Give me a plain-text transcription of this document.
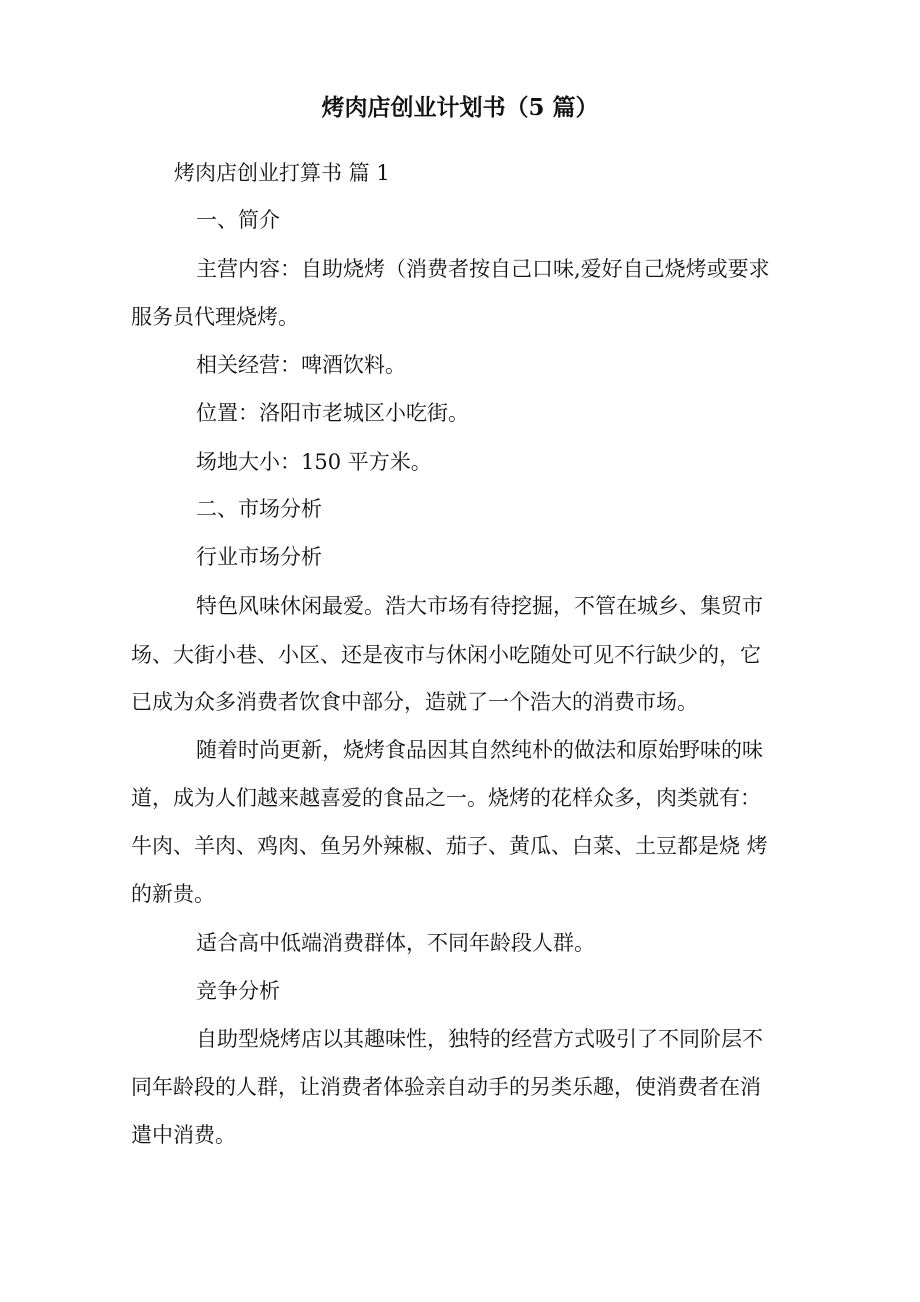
烤肉店创业计划书（5 篇）
烤肉店创业打算书 篇 1
一、简介
主营内容：自助烧烤（消费者按自己口味,爱好自己烧烤或要求
服务员代理烧烤。
相关经营：啤酒饮料。
位置：洛阳市老城区小吃街。
场地大小：150 平方米。
二、市场分析
行业市场分析
特色风味休闲最爱。浩大市场有待挖掘，不管在城乡、集贸市
场、大街小巷、小区、还是夜市与休闲小吃随处可见不行缺少的，它
已成为众多消费者饮食中部分，造就了一个浩大的消费市场。
随着时尚更新，烧烤食品因其自然纯朴的做法和原始野味的味
道，成为人们越来越喜爱的食品之一。烧烤的花样众多，肉类就有：
牛肉、羊肉、鸡肉、鱼另外辣椒、茄子、黄瓜、白菜、土豆都是烧 烤
的新贵。
适合高中低端消费群体，不同年龄段人群。
竞争分析
自助型烧烤店以其趣味性，独特的经营方式吸引了不同阶层不
同年龄段的人群，让消费者体验亲自动手的另类乐趣，使消费者在消
遣中消费。
